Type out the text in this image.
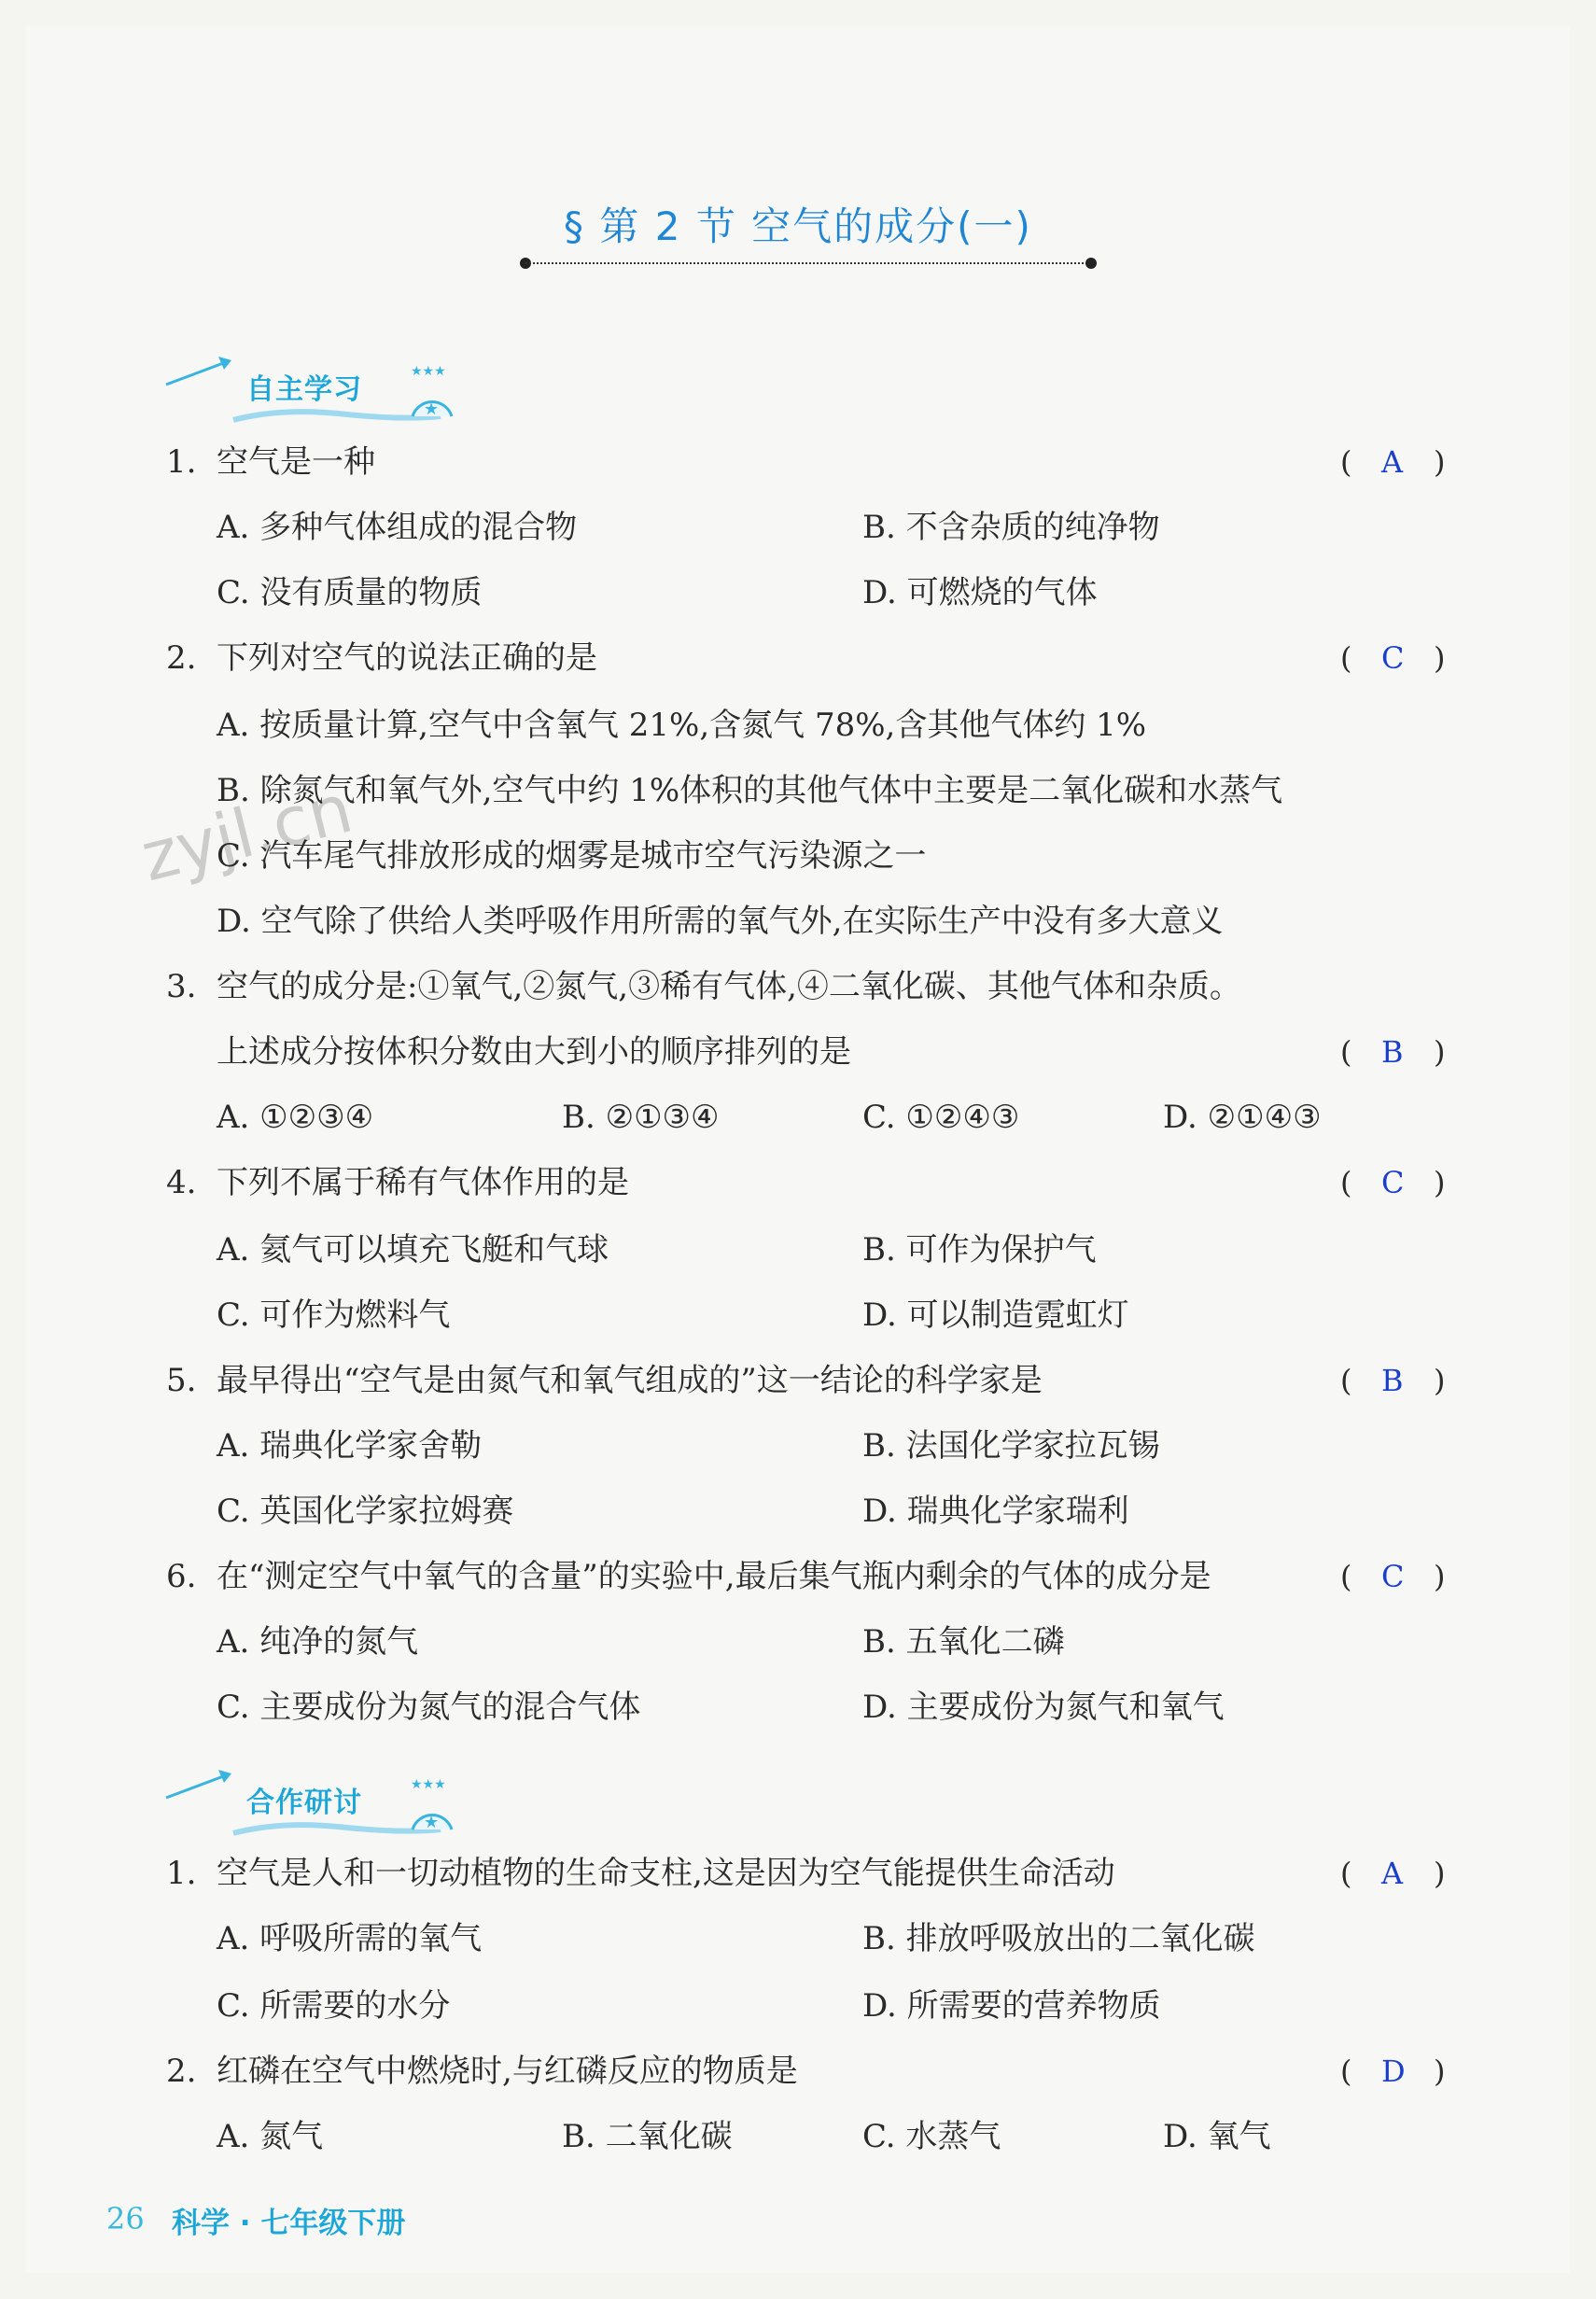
§ 第 2 节 空气的成分(一)
★
★★★
自主学习
zyjl.cn
1. 空气是一种	( A )
A. 多种气体组成的混合物	B. 不含杂质的纯净物
C. 没有质量的物质	D. 可燃烧的气体
2. 下列对空气的说法正确的是	( C )
A. 按质量计算,空气中含氧气 21%,含氮气 78%,含其他气体约 1%
B. 除氮气和氧气外,空气中约 1%体积的其他气体中主要是二氧化碳和水蒸气
C. 汽车尾气排放形成的烟雾是城市空气污染源之一
D. 空气除了供给人类呼吸作用所需的氧气外,在实际生产中没有多大意义
3. 空气的成分是:①氧气,②氮气,③稀有气体,④二氧化碳、其他气体和杂质。
上述成分按体积分数由大到小的顺序排列的是	( B )
A. ①②③④	B. ②①③④	C. ①②④③	D. ②①④③
4. 下列不属于稀有气体作用的是	( C )
A. 氦气可以填充飞艇和气球	B. 可作为保护气
C. 可作为燃料气	D. 可以制造霓虹灯
5. 最早得出“空气是由氮气和氧气组成的”这一结论的科学家是	( B )
A. 瑞典化学家舍勒	B. 法国化学家拉瓦锡
C. 英国化学家拉姆赛	D. 瑞典化学家瑞利
6. 在“测定空气中氧气的含量”的实验中,最后集气瓶内剩余的气体的成分是	( C )
A. 纯净的氮气	B. 五氧化二磷
C. 主要成份为氮气的混合气体	D. 主要成份为氮气和氧气
★
★★★
合作研讨
1. 空气是人和一切动植物的生命支柱,这是因为空气能提供生命活动	( A )
A. 呼吸所需的氧气	B. 排放呼吸放出的二氧化碳
C. 所需要的水分	D. 所需要的营养物质
2. 红磷在空气中燃烧时,与红磷反应的物质是	( D )
A. 氮气	B. 二氧化碳	C. 水蒸气	D. 氧气
26 科学 · 七年级下册
